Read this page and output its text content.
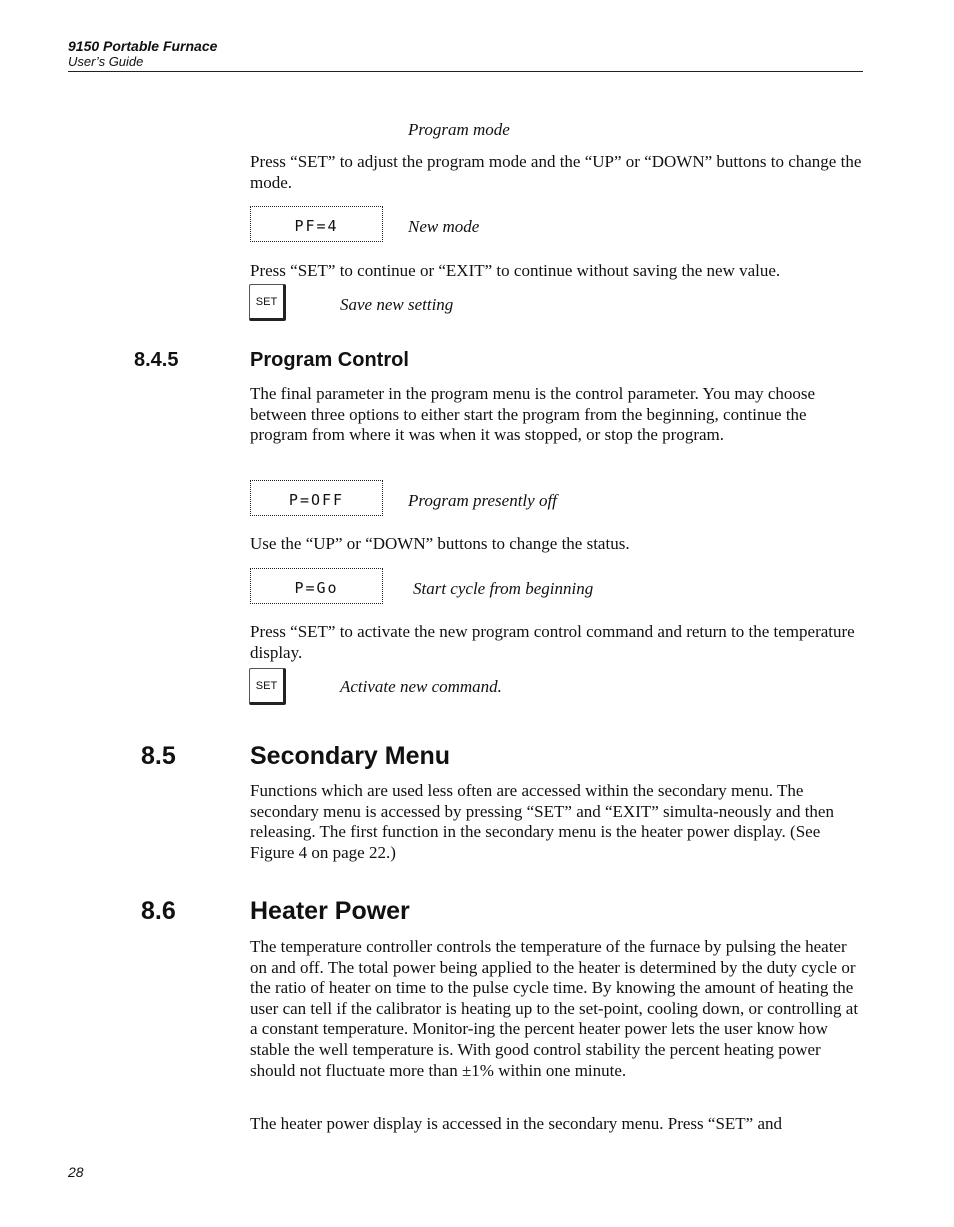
9150 Portable Furnace
User’s Guide
Program mode
Press “SET” to adjust the program mode and the “UP” or “DOWN” buttons to change the mode.
PF=4	New mode
Press “SET” to continue or “EXIT” to continue without saving the new value.
SET	Save new setting
8.4.5	Program Control
The final parameter in the program menu is the control parameter. You may choose between three options to either start the program from the beginning, continue the program from where it was when it was stopped, or stop the program.
P=OFF	Program presently off
Use the “UP” or “DOWN” buttons to change the status.
P=Go	Start cycle from beginning
Press “SET” to activate the new program control command and return to the temperature display.
SET	Activate new command.
8.5	Secondary Menu
Functions which are used less often are accessed within the secondary menu. The secondary menu is accessed by pressing “SET” and “EXIT” simulta-neously and then releasing. The first function in the secondary menu is the heater power display. (See Figure 4 on page 22.)
8.6	Heater Power
The temperature controller controls the temperature of the furnace by pulsing the heater on and off. The total power being applied to the heater is determined by the duty cycle or the ratio of heater on time to the pulse cycle time. By knowing the amount of heating the user can tell if the calibrator is heating up to the set-point, cooling down, or controlling at a constant temperature. Monitor-ing the percent heater power lets the user know how stable the well temperature is. With good control stability the percent heating power should not fluctuate more than ±1% within one minute.
The heater power display is accessed in the secondary menu. Press “SET” and
28
